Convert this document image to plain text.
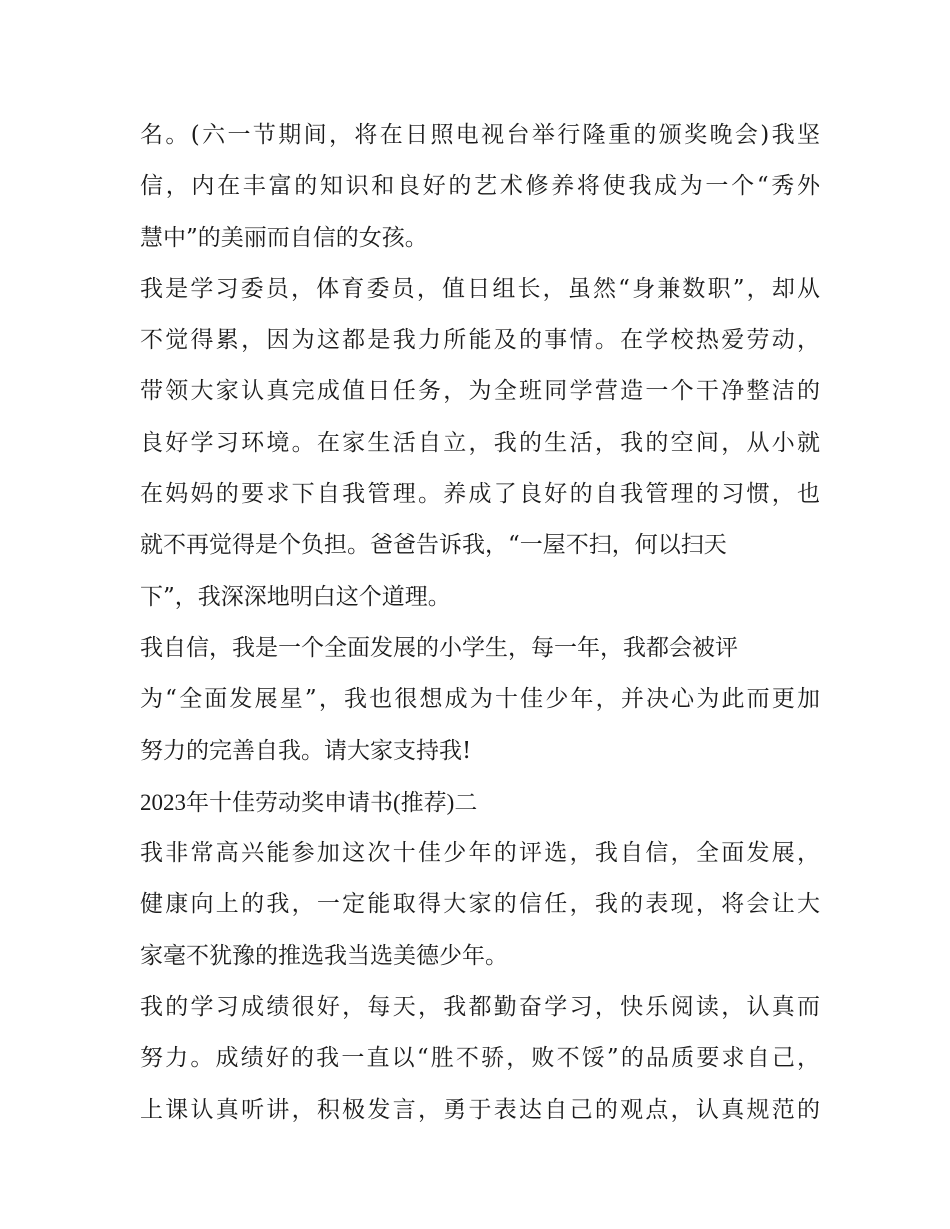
名。(六一节期间，将在日照电视台举行隆重的颁奖晚会)我坚
信，内在丰富的知识和良好的艺术修养将使我成为一个“秀外
慧中”的美丽而自信的女孩。
我是学习委员，体育委员，值日组长，虽然“身兼数职”，却从
不觉得累，因为这都是我力所能及的事情。在学校热爱劳动，
带领大家认真完成值日任务，为全班同学营造一个干净整洁的
良好学习环境。在家生活自立，我的生活，我的空间，从小就
在妈妈的要求下自我管理。养成了良好的自我管理的习惯，也
就不再觉得是个负担。爸爸告诉我，“一屋不扫，何以扫天
下”，我深深地明白这个道理。
我自信，我是一个全面发展的小学生，每一年，我都会被评
为“全面发展星”，我也很想成为十佳少年，并决心为此而更加
努力的完善自我。请大家支持我!
2023年十佳劳动奖申请书(推荐)二
我非常高兴能参加这次十佳少年的评选，我自信，全面发展，
健康向上的我，一定能取得大家的信任，我的表现，将会让大
家毫不犹豫的推选我当选美德少年。
我的学习成绩很好，每天，我都勤奋学习，快乐阅读，认真而
努力。成绩好的我一直以“胜不骄，败不馁”的品质要求自己，
上课认真听讲，积极发言，勇于表达自己的观点，认真规范的
